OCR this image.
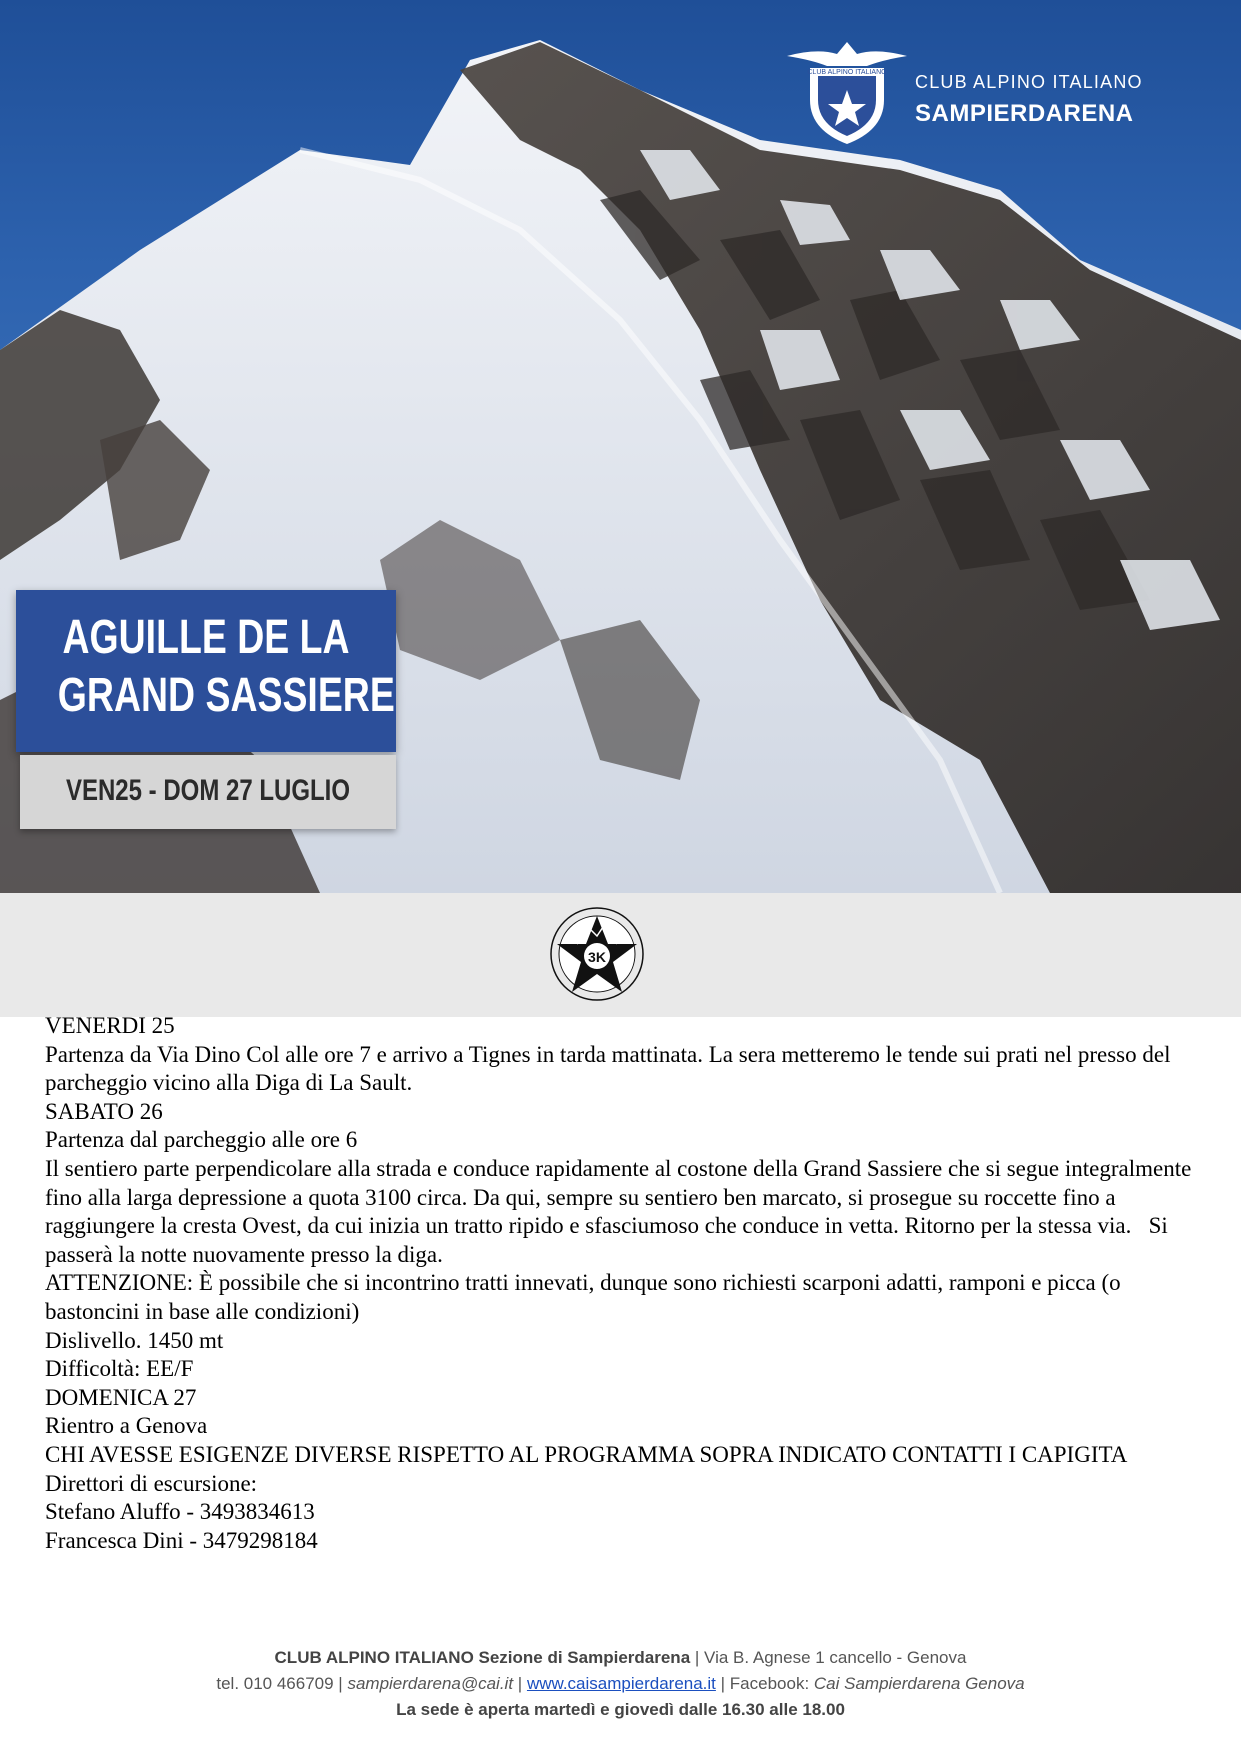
CLUB ALPINO ITALIANO CLUB ALPINO ITALIANO
SAMPIERDARENA
AGUILLE DE LA
GRAND SASSIERE
VEN25 - DOM 27 LUGLIO
3K
VENERDI 25
Partenza da Via Dino Col alle ore 7 e arrivo a Tignes in tarda mattinata. La sera metteremo le tende sui prati nel presso del parcheggio vicino alla Diga di La Sault.
SABATO 26
Partenza dal parcheggio alle ore 6
Il sentiero parte perpendicolare alla strada e conduce rapidamente al costone della Grand Sassiere che si segue integralmente fino alla larga depressione a quota 3100 circa. Da qui, sempre su sentiero ben marcato, si prosegue su roccette fino a raggiungere la cresta Ovest, da cui inizia un tratto ripido e sfasciumoso che conduce in vetta. Ritorno per la stessa via.   Si passerà la notte nuovamente presso la diga.
ATTENZIONE: È possibile che si incontrino tratti innevati, dunque sono richiesti scarponi adatti, ramponi e picca (o bastoncini in base alle condizioni)
Dislivello. 1450 mt
Difficoltà: EE/F
DOMENICA 27
Rientro a Genova
CHI AVESSE ESIGENZE DIVERSE RISPETTO AL PROGRAMMA SOPRA INDICATO CONTATTI I CAPIGITA
Direttori di escursione:
Stefano Aluffo - 3493834613
Francesca Dini - 3479298184
CLUB ALPINO ITALIANO Sezione di Sampierdarena | Via B. Agnese 1 cancello - Genova
tel. 010 466709 | sampierdarena@cai.it | www.caisampierdarena.it | Facebook: Cai Sampierdarena Genova
La sede è aperta martedì e giovedì dalle 16.30 alle 18.00
